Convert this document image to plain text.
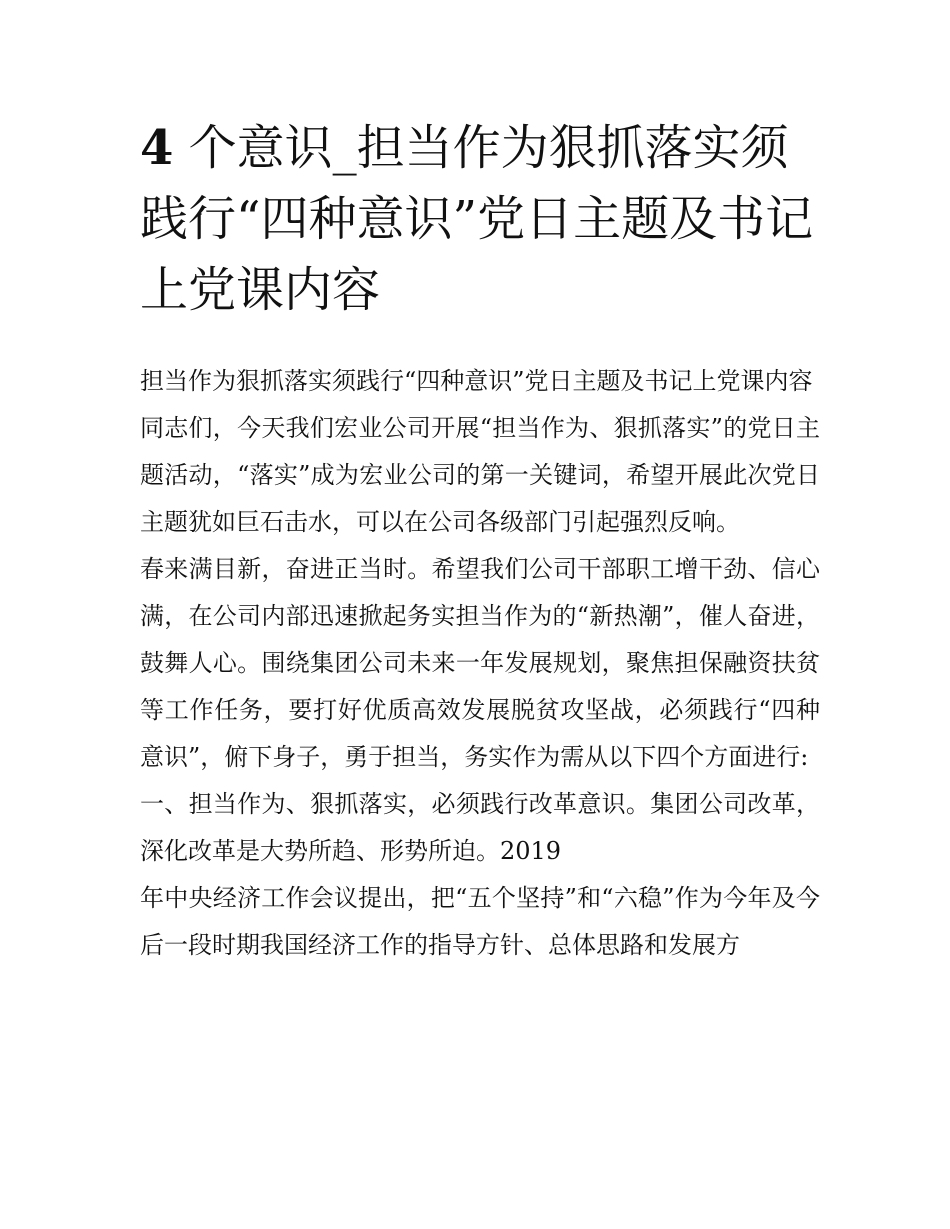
4 个意识_担当作为狠抓落实须践行“四种意识”党日主题及书记上党课内容

担当作为狠抓落实须践行“四种意识”党日主题及书记上党课内容

同志们，今天我们宏业公司开展“担当作为、狠抓落实”的党日主题活动，“落实”成为宏业公司的第一关键词，希望开展此次党日主题犹如巨石击水，可以在公司各级部门引起强烈反响。

春来满目新，奋进正当时。希望我们公司干部职工增干劲、信心满，在公司内部迅速掀起务实担当作为的“新热潮”，催人奋进，鼓舞人心。围绕集团公司未来一年发展规划，聚焦担保融资扶贫等工作任务，要打好优质高效发展脱贫攻坚战，必须践行“四种意识”，俯下身子，勇于担当，务实作为需从以下四个方面进行:

一、担当作为、狠抓落实，必须践行改革意识。集团公司改革，深化改革是大势所趋、形势所迫。2019

年中央经济工作会议提出，把“五个坚持”和“六稳”作为今年及今后一段时期我国经济工作的指导方针、总体思路和发展方
